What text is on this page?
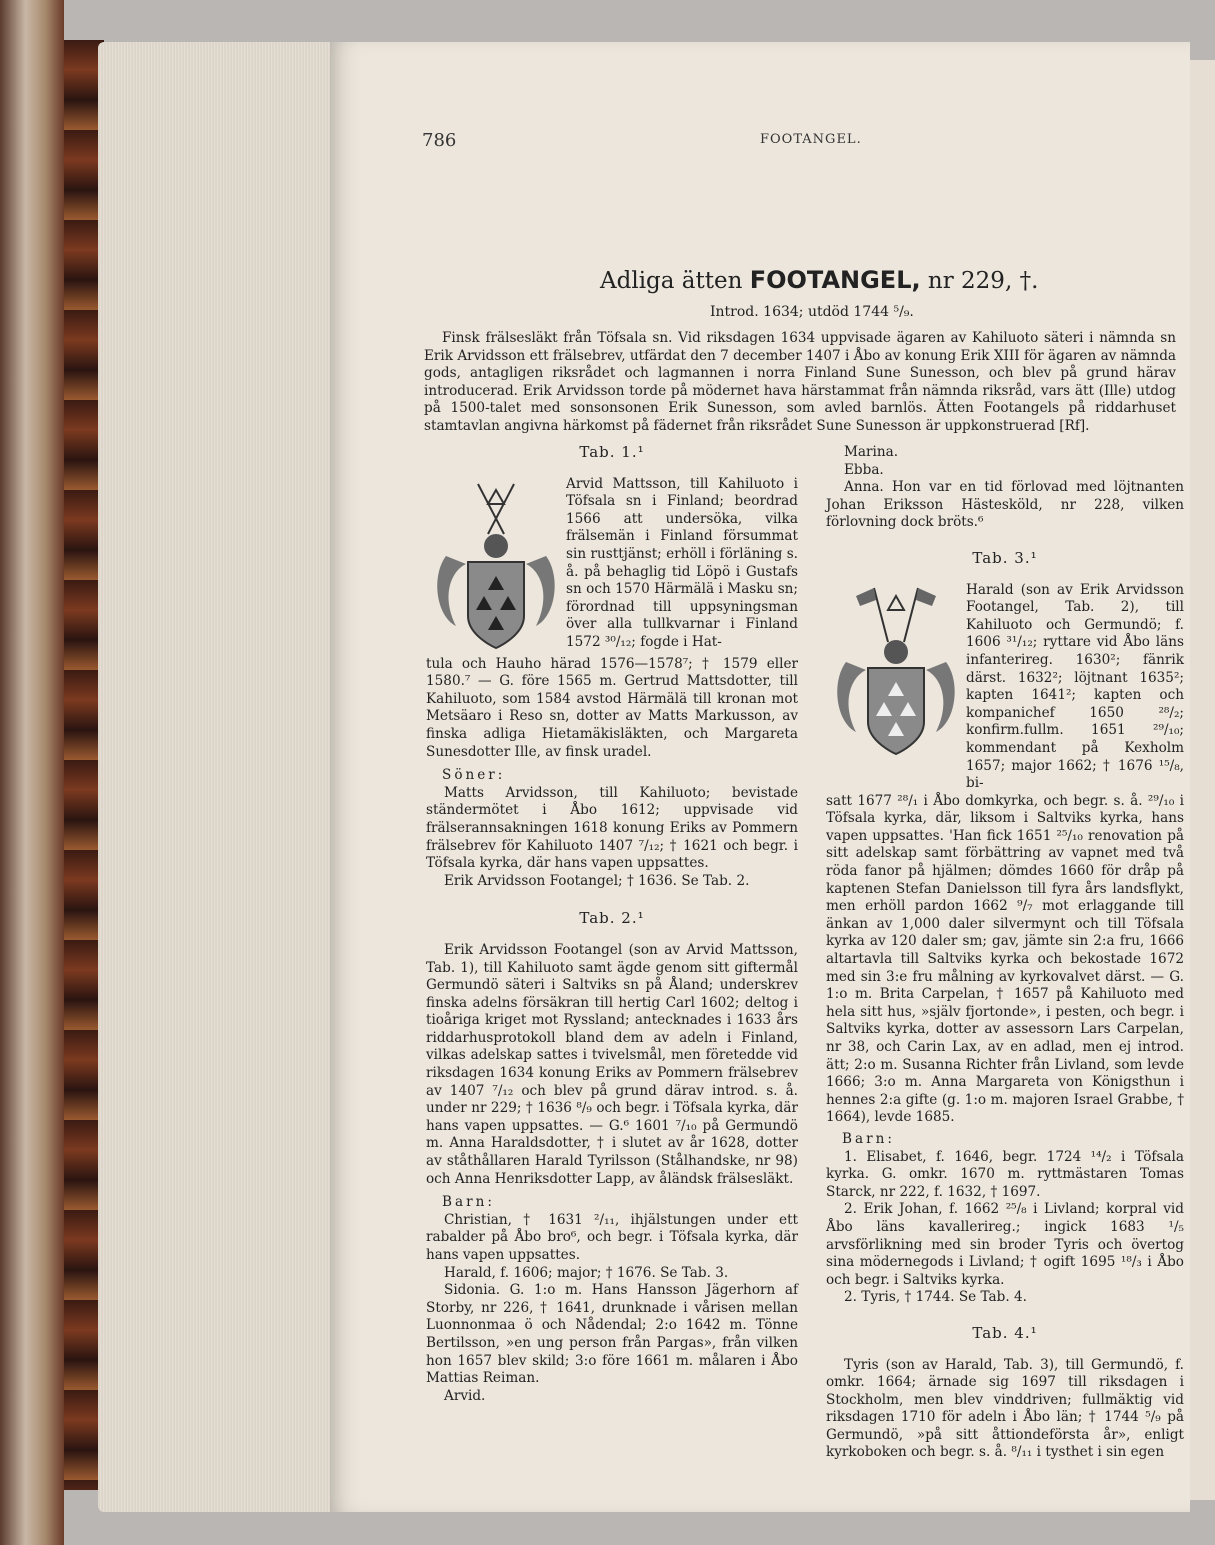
786	FOOTANGEL.
Adliga ätten FOOTANGEL, nr 229, †.
Introd. 1634; utdöd 1744 ⁵/₉.
Finsk frälsesläkt från Töfsala sn. Vid riksdagen 1634 uppvisade ägaren av Kahiluoto säteri i nämnda sn Erik Arvidsson ett frälsebrev, utfärdat den 7 december 1407 i Åbo av konung Erik XIII för ägaren av nämnda gods, antagligen riksrådet och lagmannen i norra Finland Sune Sunesson, och blev på grund härav introducerad. Erik Arvidsson torde på mödernet hava härstammat från nämnda riksråd, vars ätt (Ille) utdog på 1500-talet med sonsonsonen Erik Sunesson, som avled barnlös. Ätten Footangels på riddarhuset stamtavlan angivna härkomst på fädernet från riksrådet Sune Sunesson är uppkonstruerad [Rf].
Tab. 1.¹
Arvid Mattsson, till Kahiluoto i Töfsala sn i Finland; beordrad 1566 att undersöka, vilka frälsemän i Finland försummat sin rusttjänst; erhöll i förläning s. å. på behaglig tid Löpö i Gustafs sn och 1570 Härmälä i Masku sn; förordnad till uppsyningsman över alla tullkvarnar i Finland 1572 ³⁰/₁₂; fogde i Hat-

tula och Hauho härad 1576—1578⁷; † 1579 eller 1580.⁷ — G. före 1565 m. Gertrud Mattsdotter, till Kahiluoto, som 1584 avstod Härmälä till kronan mot Metsäaro i Reso sn, dotter av Matts Markusson, av finska adliga Hietamäkisläkten, och Margareta Sunesdotter Ille, av finsk uradel.

Söner:

Matts Arvidsson, till Kahiluoto; bevistade ständermötet i Åbo 1612; uppvisade vid frälserannsakningen 1618 konung Eriks av Pommern frälsebrev för Kahiluoto 1407 ⁷/₁₂; † 1621 och begr. i Töfsala kyrka, där hans vapen uppsattes.

Erik Arvidsson Footangel; † 1636. Se Tab. 2.

Tab. 2.¹

Erik Arvidsson Footangel (son av Arvid Mattsson, Tab. 1), till Kahiluoto samt ägde genom sitt giftermål Germundö säteri i Saltviks sn på Åland; underskrev finska adelns försäkran till hertig Carl 1602; deltog i tioåriga kriget mot Ryssland; antecknades i 1633 års riddarhusprotokoll bland dem av adeln i Finland, vilkas adelskap sattes i tvivelsmål, men företedde vid riksdagen 1634 konung Eriks av Pommern frälsebrev av 1407 ⁷/₁₂ och blev på grund därav introd. s. å. under nr 229; † 1636 ⁸/₉ och begr. i Töfsala kyrka, där hans vapen uppsattes. — G.⁶ 1601 ⁷/₁₀ på Germundö m. Anna Haraldsdotter, † i slutet av år 1628, dotter av ståthållaren Harald Tyrilsson (Stålhandske, nr 98) och Anna Henriksdotter Lapp, av åländsk frälsesläkt.

Barn:

Christian, † 1631 ²/₁₁, ihjälstungen under ett rabalder på Åbo bro⁶, och begr. i Töfsala kyrka, där hans vapen uppsattes.

Harald, f. 1606; major; † 1676. Se Tab. 3.

Sidonia. G. 1:o m. Hans Hansson Jägerhorn af Storby, nr 226, † 1641, drunknade i vårisen mellan Luonnonmaa ö och Nådendal; 2:o 1642 m. Tönne Bertilsson, »en ung person från Pargas», från vilken hon 1657 blev skild; 3:o före 1661 m. målaren i Åbo Mattias Reiman.

Arvid.

Marina.

Ebba.

Anna. Hon var en tid förlovad med löjtnanten Johan Eriksson Hästesköld, nr 228, vilken förlovning dock bröts.⁶

Tab. 3.¹
Harald (son av Erik Arvidsson Footangel, Tab. 2), till Kahiluoto och Germundö; f. 1606 ³¹/₁₂; ryttare vid Åbo läns infanterireg. 1630²; fänrik därst. 1632²; löjtnant 1635²; kapten 1641²; kapten och kompanichef 1650 ²⁸/₂; konfirm.fullm. 1651 ²⁹/₁₀; kommendant på Kexholm 1657; major 1662; † 1676 ¹⁵/₈, bi-

satt 1677 ²⁸/₁ i Åbo domkyrka, och begr. s. å. ²⁹/₁₀ i Töfsala kyrka, där, liksom i Saltviks kyrka, hans vapen uppsattes. 'Han fick 1651 ²⁵/₁₀ renovation på sitt adelskap samt förbättring av vapnet med två röda fanor på hjälmen; dömdes 1660 för dråp på kaptenen Stefan Danielsson till fyra års landsflykt, men erhöll pardon 1662 ⁹/₇ mot erlaggande till änkan av 1,000 daler silvermynt och till Töfsala kyrka av 120 daler sm; gav, jämte sin 2:a fru, 1666 altartavla till Saltviks kyrka och bekostade 1672 med sin 3:e fru målning av kyrkovalvet därst. — G. 1:o m. Brita Carpelan, † 1657 på Kahiluoto med hela sitt hus, »själv fjortonde», i pesten, och begr. i Saltviks kyrka, dotter av assessorn Lars Carpelan, nr 38, och Carin Lax, av en adlad, men ej introd. ätt; 2:o m. Susanna Richter från Livland, som levde 1666; 3:o m. Anna Margareta von Königsthun i hennes 2:a gifte (g. 1:o m. majoren Israel Grabbe, † 1664), levde 1685.

Barn:

1. Elisabet, f. 1646, begr. 1724 ¹⁴/₂ i Töfsala kyrka. G. omkr. 1670 m. ryttmästaren Tomas Starck, nr 222, f. 1632, † 1697.

2. Erik Johan, f. 1662 ²⁵/₈ i Livland; korpral vid Åbo läns kavallerireg.; ingick 1683 ¹/₅ arvsförlikning med sin broder Tyris och övertog sina mödernegods i Livland; † ogift 1695 ¹⁸/₃ i Åbo och begr. i Saltviks kyrka.

2. Tyris, † 1744. Se Tab. 4.

Tab. 4.¹

Tyris (son av Harald, Tab. 3), till Germundö, f. omkr. 1664; ärnade sig 1697 till riksdagen i Stockholm, men blev vinddriven; fullmäktig vid riksdagen 1710 för adeln i Åbo län; † 1744 ⁵/₉ på Germundö, »på sitt åttiondeförsta år», enligt kyrkoboken och begr. s. å. ⁸/₁₁ i tysthet i sin egen
